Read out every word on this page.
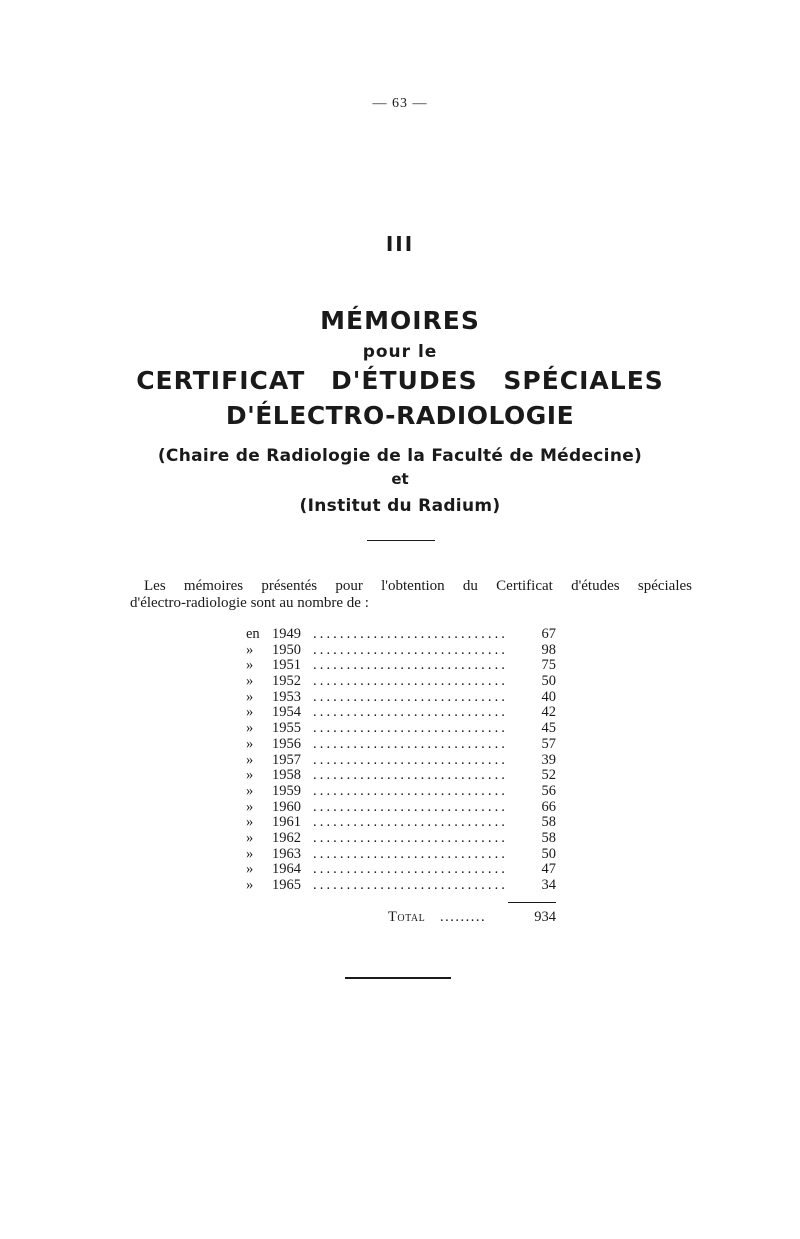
— 63 —
III
MÉMOIRES
pour le
CERTIFICAT D'ÉTUDES SPÉCIALES
D'ÉLECTRO-RADIOLOGIE
(Chaire de Radiologie de la Faculté de Médecine)
et
(Institut du Radium)
Les mémoires présentés pour l'obtention du Certificat d'études spéciales
d'électro-radiologie sont au nombre de :
en 1949 .............................	67
»	1950 .............................	98
»	1951 .............................	75
»	1952 .............................	50
»	1953 .............................	40
»	1954 .............................	42
»	1955 .............................	45
»	1956 .............................	57
»	1957 .............................	39
»	1958 .............................	52
»	1959 .............................	56
»	1960 .............................	66
»	1961 .............................	58
»	1962 .............................	58
»	1963 .............................	50
»	1964 .............................	47
»	1965 .............................	34
Total .........	934
